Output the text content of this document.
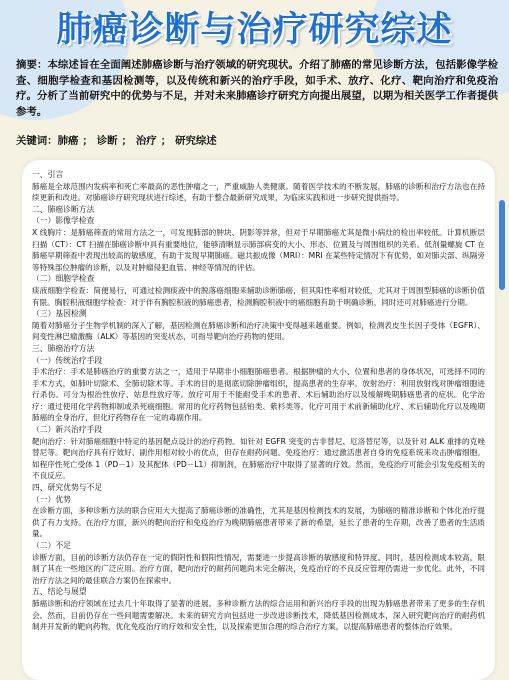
肺癌诊断与治疗研究综述
摘要：本综述旨在全面阐述肺癌诊断与治疗领域的研究现状。介绍了肺癌的常见诊断方法，包括影像学检查、细胞学检查和基因检测等，以及传统和新兴的治疗手段，如手术、放疗、化疗、靶向治疗和免疫治疗。分析了当前研究中的优势与不足，并对未来肺癌诊疗研究方向提出展望，以期为相关医学工作者提供参考。
关键词：肺癌 ； 诊断 ； 治疗 ； 研究综述

一、引言

肺癌是全球范围内发病率和死亡率最高的恶性肿瘤之一，严重威胁人类健康。随着医学技术的不断发展，肺癌的诊断和治疗方法也在持续更新和改进。对肺癌诊疗研究现状进行综述，有助于整合最新研究成果，为临床实践和进一步研究提供指导。

二、肺癌诊断方法

（一）影像学检查

X 线胸片：是肺癌筛查的常用方法之一，可发现肺部的肿块、阴影等异常，但对于早期肺癌尤其是微小病灶的检出率较低。计算机断层扫描（CT）：CT 扫描在肺癌诊断中具有重要地位，能够清晰显示肺部病变的大小、形态、位置及与周围组织的关系。低剂量螺旋 CT 在肺癌早期筛查中表现出较高的敏感度，有助于发现早期肺癌。磁共振成像（MRI）：MRI 在某些特定情况下有优势，如对肺尖部、纵隔旁等特殊部位肿瘤的诊断，以及对肿瘤侵犯血管、神经等情况的评估。

（二）细胞学检查

痰液细胞学检查：简便易行，可通过检测痰液中的脱落癌细胞来辅助诊断肺癌，但其阳性率相对较低，尤其对于周围型肺癌的诊断价值有限。胸腔积液细胞学检查：对于伴有胸腔积液的肺癌患者，检测胸腔积液中的癌细胞有助于明确诊断，同时还可对肺癌进行分期。

（三）基因检测

随着对肺癌分子生物学机制的深入了解，基因检测在肺癌诊断和治疗决策中变得越来越重要。例如，检测表皮生长因子受体（EGFR）、间变性淋巴瘤激酶（ALK）等基因的突变状态，可指导靶向治疗药物的使用。

三、肺癌治疗方法

（一）传统治疗手段

手术治疗：手术是肺癌治疗的重要方法之一，适用于早期非小细胞肺癌患者。根据肿瘤的大小、位置和患者的身体状况，可选择不同的手术方式，如肺叶切除术、全肺切除术等。手术的目的是彻底切除肿瘤组织，提高患者的生存率。放射治疗：利用放射线对肿瘤细胞进行杀伤。可分为根治性放疗、姑息性放疗等。放疗可用于不能耐受手术的患者、术后辅助治疗以及缓解晚期肺癌患者的症状。化学治疗：通过使用化学药物抑制或杀死癌细胞。常用的化疗药物包括铂类、紫杉类等。化疗可用于术前新辅助化疗、术后辅助化疗以及晚期肺癌的全身治疗，但化疗药物存在一定的毒副作用。

（二）新兴治疗手段

靶向治疗：针对肺癌细胞中特定的基因靶点设计的治疗药物。如针对 EGFR 突变的吉非替尼、厄洛替尼等，以及针对 ALK 重排的克唑替尼等。靶向治疗具有疗效好、副作用相对较小的优点，但存在耐药问题。免疫治疗：通过激活患者自身的免疫系统来攻击肿瘤细胞。如程序性死亡受体 1（PD－1）及其配体（PD－L1）抑制剂，在肺癌治疗中取得了显著的疗效。然而，免疫治疗可能会引发免疫相关的不良反应。

四、研究优势与不足

（一）优势

在诊断方面，多种诊断方法的联合应用大大提高了肺癌诊断的准确性，尤其是基因检测技术的发展，为肺癌的精准诊断和个体化治疗提供了有力支持。在治疗方面，新兴的靶向治疗和免疫治疗为晚期肺癌患者带来了新的希望，延长了患者的生存期，改善了患者的生活质量。

（二）不足

诊断方面，目前的诊断方法仍存在一定的假阴性和假阳性情况，需要进一步提高诊断的敏感度和特异度。同时，基因检测成本较高，限制了其在一些地区的广泛应用。治疗方面，靶向治疗的耐药问题尚未完全解决，免疫治疗的不良反应管理仍需进一步优化。此外，不同治疗方法之间的最佳联合方案仍在探索中。

五、结论与展望

肺癌诊断和治疗领域在过去几十年取得了显著的进展。多种诊断方法的综合运用和新兴治疗手段的出现为肺癌患者带来了更多的生存机会。然而，目前仍存在一些问题需要解决。未来的研究方向包括进一步改进诊断技术，降低基因检测成本，深入研究靶向治疗的耐药机制并开发新的靶向药物，优化免疫治疗的疗效和安全性，以及探索更加合理的综合治疗方案，以提高肺癌患者的整体治疗效果。
